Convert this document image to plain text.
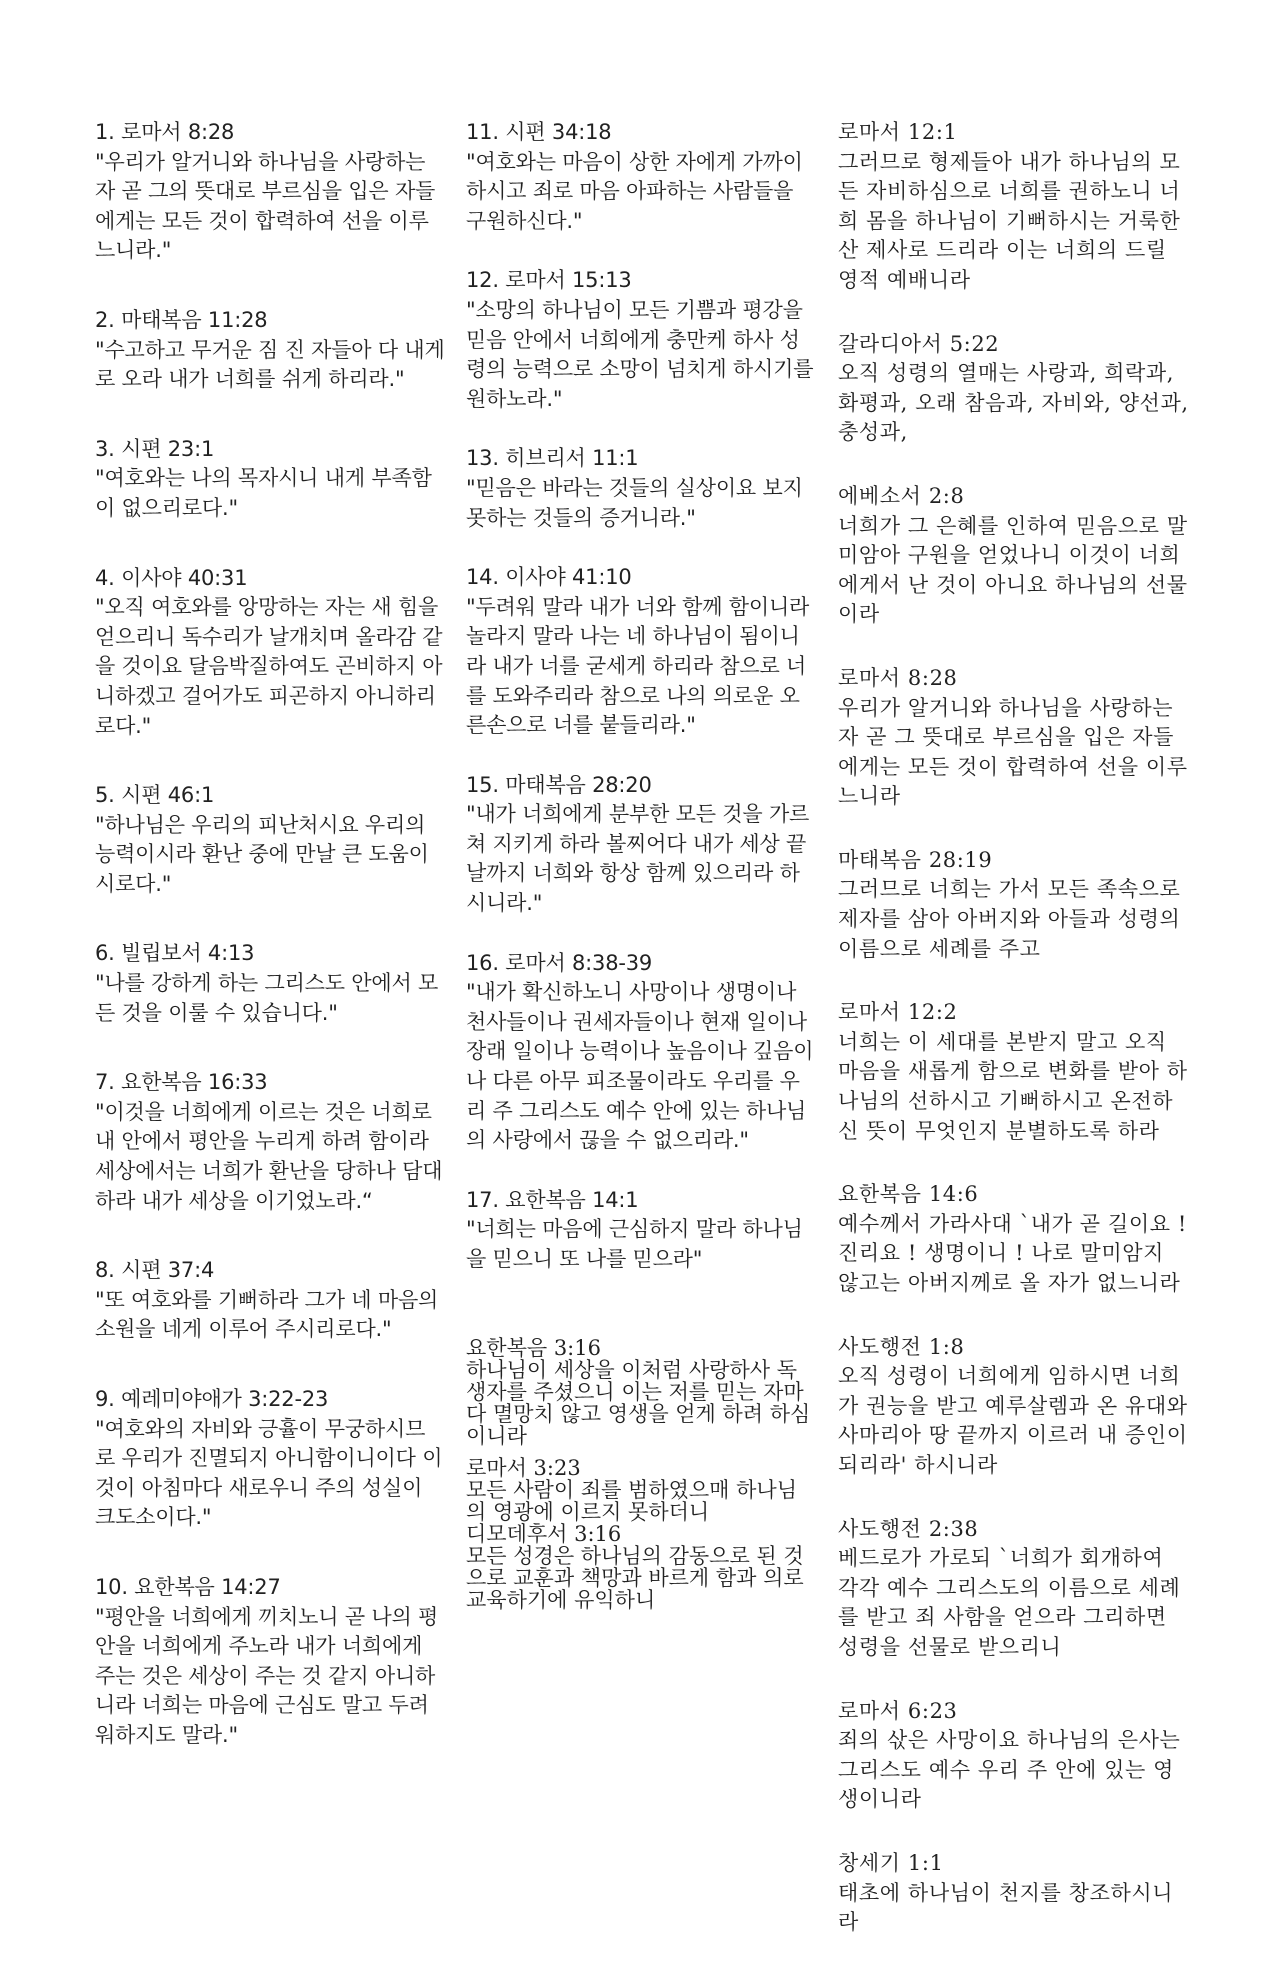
1. 로마서 8:28
"우리가 알거니와 하나님을 사랑하는 자 곧 그의 뜻대로 부르심을 입은 자들에게는 모든 것이 합력하여 선을 이루느니라."
2. 마태복음 11:28
"수고하고 무거운 짐 진 자들아 다 내게로 오라 내가 너희를 쉬게 하리라."
3. 시편 23:1
"여호와는 나의 목자시니 내게 부족함이 없으리로다."
4. 이사야 40:31
"오직 여호와를 앙망하는 자는 새 힘을 얻으리니 독수리가 날개치며 올라감 같을 것이요 달음박질하여도 곤비하지 아니하겠고 걸어가도 피곤하지 아니하리로다."
5. 시편 46:1
"하나님은 우리의 피난처시요 우리의 능력이시라 환난 중에 만날 큰 도움이시로다."
6. 빌립보서 4:13
"나를 강하게 하는 그리스도 안에서 모든 것을 이룰 수 있습니다."
7. 요한복음 16:33
"이것을 너희에게 이르는 것은 너희로 내 안에서 평안을 누리게 하려 함이라 세상에서는 너희가 환난을 당하나 담대하라 내가 세상을 이기었노라.“
8. 시편 37:4
"또 여호와를 기뻐하라 그가 네 마음의 소원을 네게 이루어 주시리로다."
9. 예레미야애가 3:22-23
"여호와의 자비와 긍휼이 무궁하시므로 우리가 진멸되지 아니함이니이다 이것이 아침마다 새로우니 주의 성실이 크도소이다."
10. 요한복음 14:27
"평안을 너희에게 끼치노니 곧 나의 평안을 너희에게 주노라 내가 너희에게 주는 것은 세상이 주는 것 같지 아니하니라 너희는 마음에 근심도 말고 두려워하지도 말라."
11. 시편 34:18
"여호와는 마음이 상한 자에게 가까이 하시고 죄로 마음 아파하는 사람들을 구원하신다."
12. 로마서 15:13
"소망의 하나님이 모든 기쁨과 평강을 믿음 안에서 너희에게 충만케 하사 성령의 능력으로 소망이 넘치게 하시기를 원하노라."
13. 히브리서 11:1
"믿음은 바라는 것들의 실상이요 보지 못하는 것들의 증거니라."
14. 이사야 41:10
"두려워 말라 내가 너와 함께 함이니라 놀라지 말라 나는 네 하나님이 됨이니라 내가 너를 굳세게 하리라 참으로 너를 도와주리라 참으로 나의 의로운 오른손으로 너를 붙들리라."
15. 마태복음 28:20
"내가 너희에게 분부한 모든 것을 가르쳐 지키게 하라 볼찌어다 내가 세상 끝날까지 너희와 항상 함께 있으리라 하시니라."
16. 로마서 8:38-39
"내가 확신하노니 사망이나 생명이나 천사들이나 권세자들이나 현재 일이나 장래 일이나 능력이나 높음이나 깊음이나 다른 아무 피조물이라도 우리를 우리 주 그리스도 예수 안에 있는 하나님의 사랑에서 끊을 수 없으리라."
17. 요한복음 14:1
"너희는 마음에 근심하지 말라 하나님을 믿으니 또 나를 믿으라"
요한복음 3:16
하나님이 세상을 이처럼 사랑하사 독생자를 주셨으니 이는 저를 믿는 자마다 멸망치 않고 영생을 얻게 하려 하심이니라
로마서 3:23
모든 사람이 죄를 범하였으매 하나님의 영광에 이르지 못하더니
디모데후서 3:16
모든 성경은 하나님의 감동으로 된 것으로 교훈과 책망과 바르게 함과 의로 교육하기에 유익하니
로마서 12:1
그러므로 형제들아 내가 하나님의 모든 자비하심으로 너희를 권하노니 너희 몸을 하나님이 기뻐하시는 거룩한 산 제사로 드리라 이는 너희의 드릴 영적 예배니라
갈라디아서 5:22
오직 성령의 열매는 사랑과, 희락과, 화평과, 오래 참음과, 자비와, 양선과, 충성과,
에베소서 2:8
너희가 그 은혜를 인하여 믿음으로 말미암아 구원을 얻었나니 이것이 너희에게서 난 것이 아니요 하나님의 선물이라
로마서 8:28
우리가 알거니와 하나님을 사랑하는 자 곧 그 뜻대로 부르심을 입은 자들에게는 모든 것이 합력하여 선을 이루느니라
마태복음 28:19
그러므로 너희는 가서 모든 족속으로 제자를 삼아 아버지와 아들과 성령의 이름으로 세례를 주고
로마서 12:2
너희는 이 세대를 본받지 말고 오직 마음을 새롭게 함으로 변화를 받아 하나님의 선하시고 기뻐하시고 온전하신 뜻이 무엇인지 분별하도록 하라
요한복음 14:6
예수께서 가라사대 `내가 곧 길이요 ! 진리요 ! 생명이니 ! 나로 말미암지 않고는 아버지께로 올 자가 없느니라
사도행전 1:8
오직 성령이 너희에게 임하시면 너희가 권능을 받고 예루살렘과 온 유대와 사마리아 땅 끝까지 이르러 내 증인이 되리라' 하시니라
사도행전 2:38
베드로가 가로되 `너희가 회개하여 각각 예수 그리스도의 이름으로 세례를 받고 죄 사함을 얻으라 그리하면 성령을 선물로 받으리니
로마서 6:23
죄의 삯은 사망이요 하나님의 은사는 그리스도 예수 우리 주 안에 있는 영생이니라
창세기 1:1
태초에 하나님이 천지를 창조하시니라
